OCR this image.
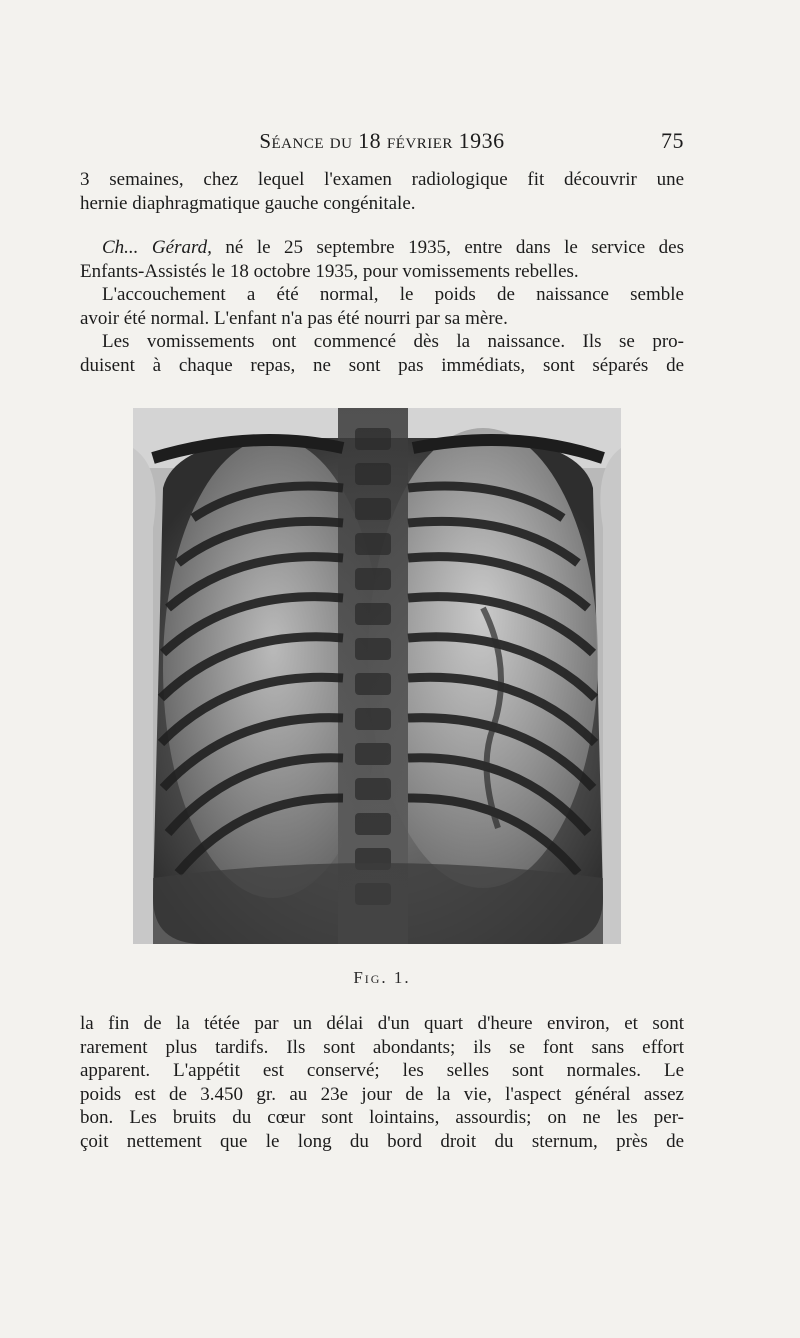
Séance du 18 février 1936	75

3 semaines, chez lequel l'examen radiologique fit découvrir une

hernie diaphragmatique gauche congénitale.

Ch... Gérard, né le 25 septembre 1935, entre dans le service des

Enfants-Assistés le 18 octobre 1935, pour vomissements rebelles.

L'accouchement a été normal, le poids de naissance semble

avoir été normal. L'enfant n'a pas été nourri par sa mère.

Les vomissements ont commencé dès la naissance. Ils se pro-

duisent à chaque repas, ne sont pas immédiats, sont séparés de

Fig. 1.

la fin de la tétée par un délai d'un quart d'heure environ, et sont

rarement plus tardifs. Ils sont abondants; ils se font sans effort

apparent. L'appétit est conservé; les selles sont normales. Le

poids est de 3.450 gr. au 23e jour de la vie, l'aspect général assez

bon. Les bruits du cœur sont lointains, assourdis; on ne les per-

çoit nettement que le long du bord droit du sternum, près de
